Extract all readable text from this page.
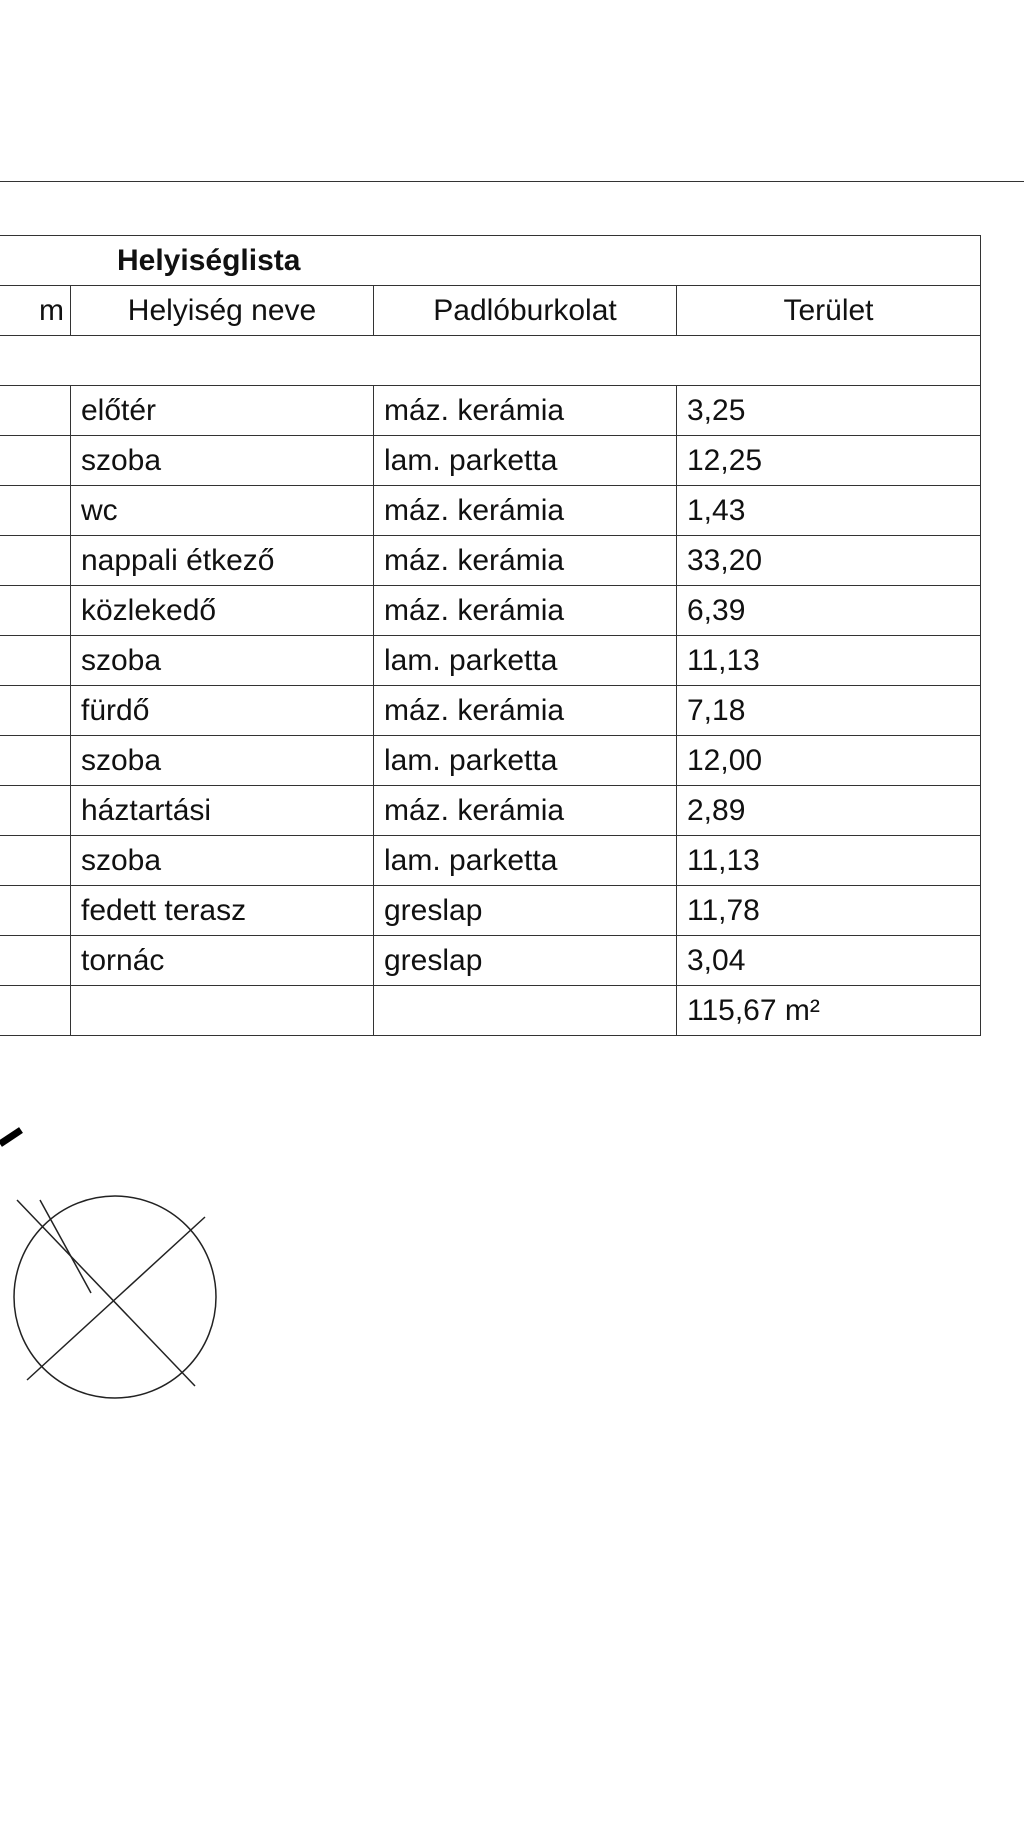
Helyiséglista			
m	Helyiség neve	Padlóburkolat	Terület

	előtér	máz. kerámia	3,25
	szoba	lam. parketta	12,25
	wc	máz. kerámia	1,43
	nappali étkező	máz. kerámia	33,20
	közlekedő	máz. kerámia	6,39
	szoba	lam. parketta	11,13
	fürdő	máz. kerámia	7,18
	szoba	lam. parketta	12,00
	háztartási	máz. kerámia	2,89
	szoba	lam. parketta	11,13
	fedett terasz	greslap	11,78
	tornác	greslap	3,04
			115,67 m²
